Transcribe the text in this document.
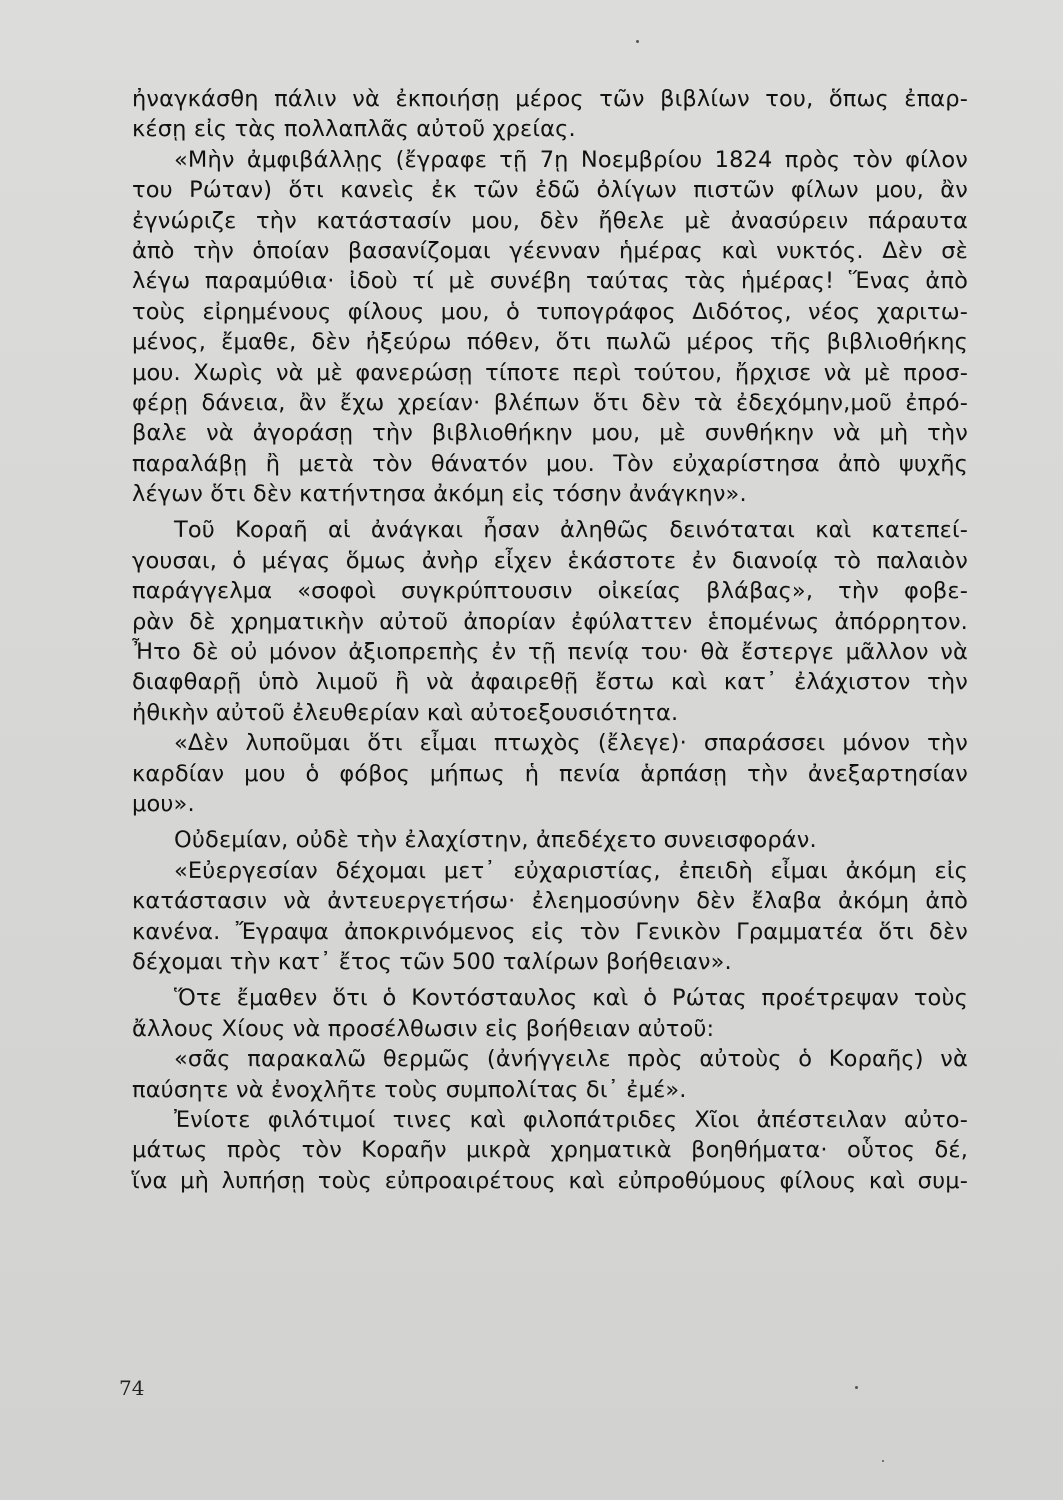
ἠναγκάσθη πάλιν νὰ ἐκποιήσῃ μέρος τῶν βιβλίων του, ὅπως ἐπαρ-
κέσῃ εἰς τὰς πολλαπλᾶς αὐτοῦ χρείας.
«Μὴν ἀμφιβάλλῃς (ἔγραφε τῇ 7ῃ Νοεμβρίου 1824 πρὸς τὸν φίλον
του Ρώταν) ὅτι κανεὶς ἐκ τῶν ἐδῶ ὀλίγων πιστῶν φίλων μου, ἂν
ἐγνώριζε τὴν κατάστασίν μου, δὲν ἤθελε μὲ ἀνασύρειν πάραυτα
ἀπὸ τὴν ὁποίαν βασανίζομαι γέενναν ἡμέρας καὶ νυκτός. Δὲν σὲ
λέγω παραμύθια· ἰδοὺ τί μὲ συνέβη ταύτας τὰς ἡμέρας! Ἕνας ἀπὸ
τοὺς εἰρημένους φίλους μου, ὁ τυπογράφος Διδότος, νέος χαριτω-
μένος, ἔμαθε, δὲν ἠξεύρω πόθεν, ὅτι πωλῶ μέρος τῆς βιβλιοθήκης
μου. Χωρὶς νὰ μὲ φανερώσῃ τίποτε περὶ τούτου, ἤρχισε νὰ μὲ προσ-
φέρῃ δάνεια, ἂν ἔχω χρείαν· βλέπων ὅτι δὲν τὰ ἐδεχόμην,μοῦ ἐπρό-
βαλε νὰ ἀγοράσῃ τὴν βιβλιοθήκην μου, μὲ συνθήκην νὰ μὴ τὴν
παραλάβῃ ἢ μετὰ τὸν θάνατόν μου. Τὸν εὐχαρίστησα ἀπὸ ψυχῆς
λέγων ὅτι δὲν κατήντησα ἀκόμη εἰς τόσην ἀνάγκην».
Τοῦ Κοραῆ αἱ ἀνάγκαι ἦσαν ἀληθῶς δεινόταται καὶ κατεπεί-
γουσαι, ὁ μέγας ὅμως ἀνὴρ εἶχεν ἑκάστοτε ἐν διανοίᾳ τὸ παλαιὸν
παράγγελμα «σοφοὶ συγκρύπτουσιν οἰκείας βλάβας», τὴν φοβε-
ρὰν δὲ χρηματικὴν αὐτοῦ ἀπορίαν ἐφύλαττεν ἑπομένως ἀπόρρητον.
Ἦτο δὲ οὐ μόνον ἀξιοπρεπὴς ἐν τῇ πενίᾳ του· θὰ ἔστεργε μᾶλλον νὰ
διαφθαρῇ ὑπὸ λιμοῦ ἢ νὰ ἀφαιρεθῇ ἔστω καὶ κατ᾽ ἐλάχιστον τὴν
ἠθικὴν αὐτοῦ ἐλευθερίαν καὶ αὐτοεξουσιότητα.
«Δὲν λυποῦμαι ὅτι εἶμαι πτωχὸς (ἔλεγε)· σπαράσσει μόνον τὴν
καρδίαν μου ὁ φόβος μήπως ἡ πενία ἁρπάσῃ τὴν ἀνεξαρτησίαν
μου».
Οὐδεμίαν, οὐδὲ τὴν ἐλαχίστην, ἀπεδέχετο συνεισφοράν.
«Εὐεργεσίαν δέχομαι μετ᾽ εὐχαριστίας, ἐπειδὴ εἶμαι ἀκόμη εἰς
κατάστασιν νὰ ἀντευεργετήσω· ἐλεημοσύνην δὲν ἔλαβα ἀκόμη ἀπὸ
κανένα. Ἔγραψα ἀποκρινόμενος εἰς τὸν Γενικὸν Γραμματέα ὅτι δὲν
δέχομαι τὴν κατ᾽ ἔτος τῶν 500 ταλίρων βοήθειαν».
Ὅτε ἔμαθεν ὅτι ὁ Κοντόσταυλος καὶ ὁ Ρώτας προέτρεψαν τοὺς
ἄλλους Χίους νὰ προσέλθωσιν εἰς βοήθειαν αὐτοῦ:
«σᾶς παρακαλῶ θερμῶς (ἀνήγγειλε πρὸς αὐτοὺς ὁ Κοραῆς) νὰ
παύσητε νὰ ἐνοχλῆτε τοὺς συμπολίτας δι᾽ ἐμέ».
Ἐνίοτε φιλότιμοί τινες καὶ φιλοπάτριδες Χῖοι ἀπέστειλαν αὐτο-
μάτως πρὸς τὸν Κοραῆν μικρὰ χρηματικὰ βοηθήματα· οὗτος δέ,
ἵνα μὴ λυπήσῃ τοὺς εὐπροαιρέτους καὶ εὐπροθύμους φίλους καὶ συμ-
74
